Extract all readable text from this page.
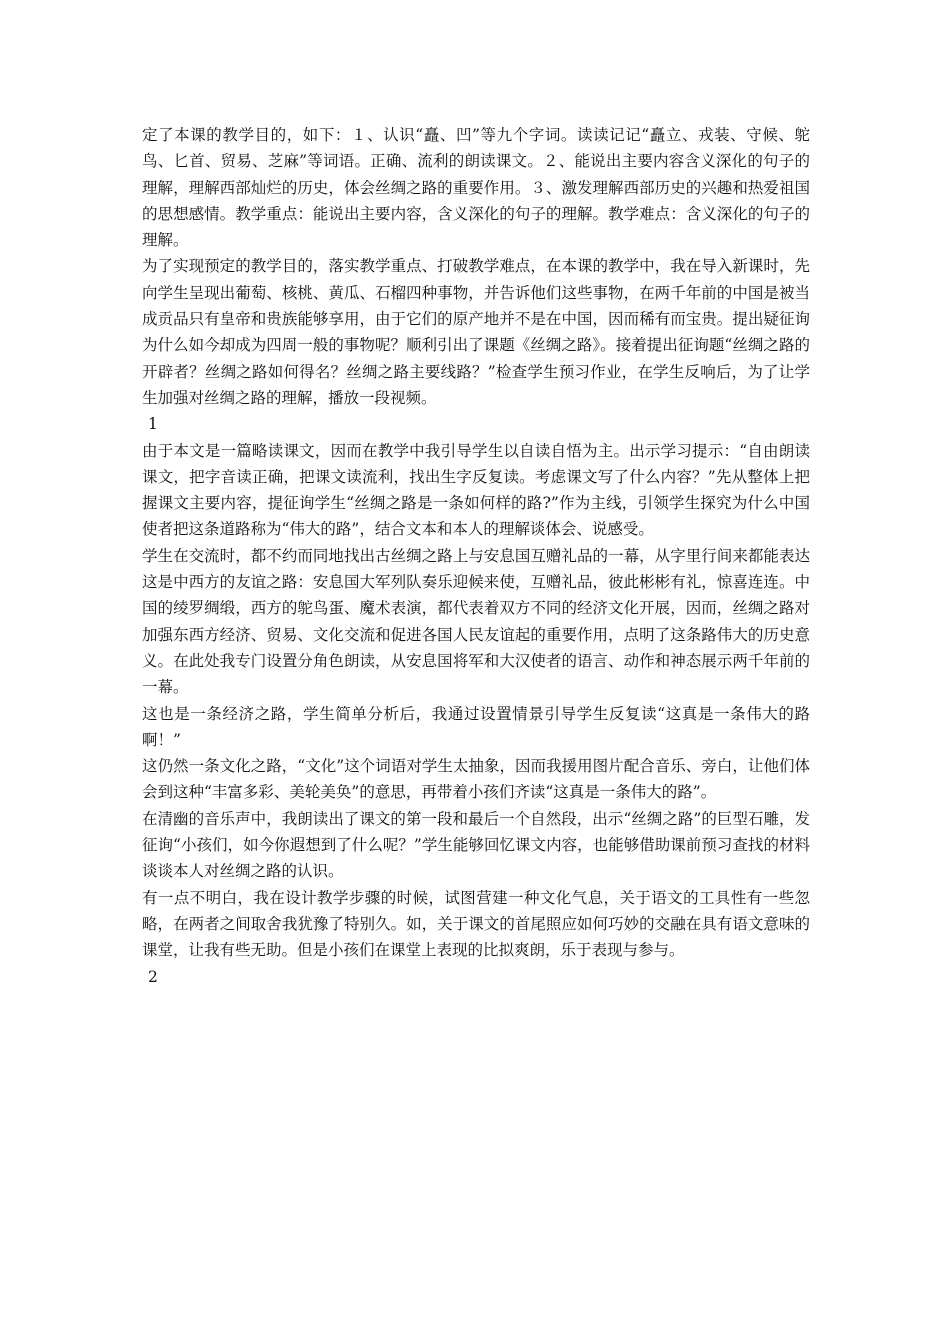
定了本课的教学目的，如下：１、认识“矗、凹”等九个字词。读读记记“矗立、戎装、守候、鸵鸟、匕首、贸易、芝麻”等词语。正确、流利的朗读课文。２、能说出主要内容含义深化的句子的理解，理解西部灿烂的历史，体会丝绸之路的重要作用。３、激发理解西部历史的兴趣和热爱祖国的思想感情。教学重点：能说出主要内容，含义深化的句子的理解。教学难点：含义深化的句子的理解。

为了实现预定的教学目的，落实教学重点、打破教学难点，在本课的教学中，我在导入新课时，先向学生呈现出葡萄、核桃、黄瓜、石榴四种事物，并告诉他们这些事物，在两千年前的中国是被当成贡品只有皇帝和贵族能够享用，由于它们的原产地并不是在中国，因而稀有而宝贵。提出疑征询为什么如今却成为四周一般的事物呢？顺利引出了课题《丝绸之路》。接着提出征询题“丝绸之路的开辟者？丝绸之路如何得名？丝绸之路主要线路？”检查学生预习作业，在学生反响后，为了让学生加强对丝绸之路的理解，播放一段视频。

1

由于本文是一篇略读课文，因而在教学中我引导学生以自读自悟为主。出示学习提示：“自由朗读课文，把字音读正确，把课文读流利，找出生字反复读。考虑课文写了什么内容？”先从整体上把握课文主要内容，提征询学生“丝绸之路是一条如何样的路?”作为主线，引领学生探究为什么中国使者把这条道路称为“伟大的路”，结合文本和本人的理解谈体会、说感受。

学生在交流时，都不约而同地找出古丝绸之路上与安息国互赠礼品的一幕，从字里行间来都能表达这是中西方的友谊之路：安息国大军列队奏乐迎候来使，互赠礼品，彼此彬彬有礼，惊喜连连。中国的绫罗绸缎，西方的鸵鸟蛋、魔术表演，都代表着双方不同的经济文化开展，因而，丝绸之路对加强东西方经济、贸易、文化交流和促进各国人民友谊起的重要作用，点明了这条路伟大的历史意义。在此处我专门设置分角色朗读，从安息国将军和大汉使者的语言、动作和神态展示两千年前的一幕。

这也是一条经济之路，学生简单分析后，我通过设置情景引导学生反复读“这真是一条伟大的路啊！”

这仍然一条文化之路，“文化”这个词语对学生太抽象，因而我援用图片配合音乐、旁白，让他们体会到这种“丰富多彩、美轮美奂”的意思，再带着小孩们齐读“这真是一条伟大的路”。

在清幽的音乐声中，我朗读出了课文的第一段和最后一个自然段，出示“丝绸之路”的巨型石雕，发征询“小孩们，如今你遐想到了什么呢？”学生能够回忆课文内容，也能够借助课前预习查找的材料谈谈本人对丝绸之路的认识。

有一点不明白，我在设计教学步骤的时候，试图营建一种文化气息，关于语文的工具性有一些忽略，在两者之间取舍我犹豫了特别久。如，关于课文的首尾照应如何巧妙的交融在具有语文意味的课堂，让我有些无助。但是小孩们在课堂上表现的比拟爽朗，乐于表现与参与。

2
